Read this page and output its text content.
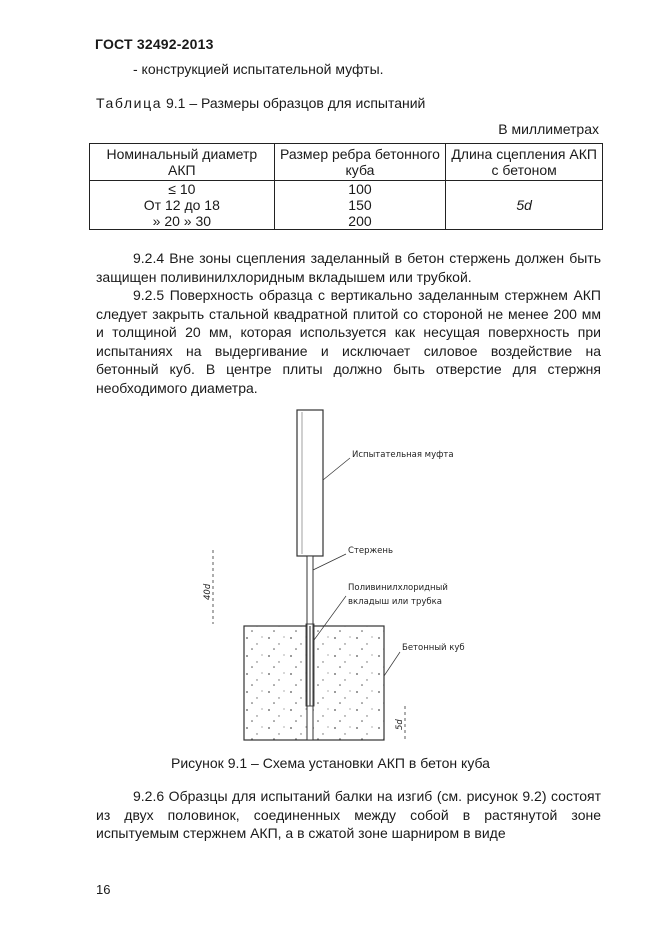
ГОСТ 32492-2013
- конструкцией испытательной муфты.
Таблица 9.1 – Размеры образцов для испытаний
В миллиметрах
Номинальный диаметр АКП	Размер ребра бетонного куба	Длина сцепления АКП с бетоном
≤ 10	100	5d
От 12 до 18	150	
» 20 » 30	200	

9.2.4 Вне зоны сцепления заделанный в бетон стержень должен быть защищен поливинилхлоридным вкладышем или трубкой.

9.2.5 Поверхность образца с вертикально заделанным стержнем АКП следует закрыть стальной квадратной плитой со стороной не менее 200 мм и толщиной 20 мм, которая используется как несущая поверхность при испытаниях на выдергивание и исключает силовое воздействие на бетонный куб. В центре плиты должно быть отверстие для стержня необходимого диаметра.

40d
5d
Испытательная муфта
Стержень
Поливинилхлоридный
вкладыш или трубка
Бетонный куб
Рисунок 9.1 – Схема установки АКП в бетон куба

9.2.6 Образцы для испытаний балки на изгиб (см. рисунок 9.2) состоят из двух половинок, соединенных между собой в растянутой зоне испытуемым стержнем АКП, а в сжатой зоне шарниром в виде

16
